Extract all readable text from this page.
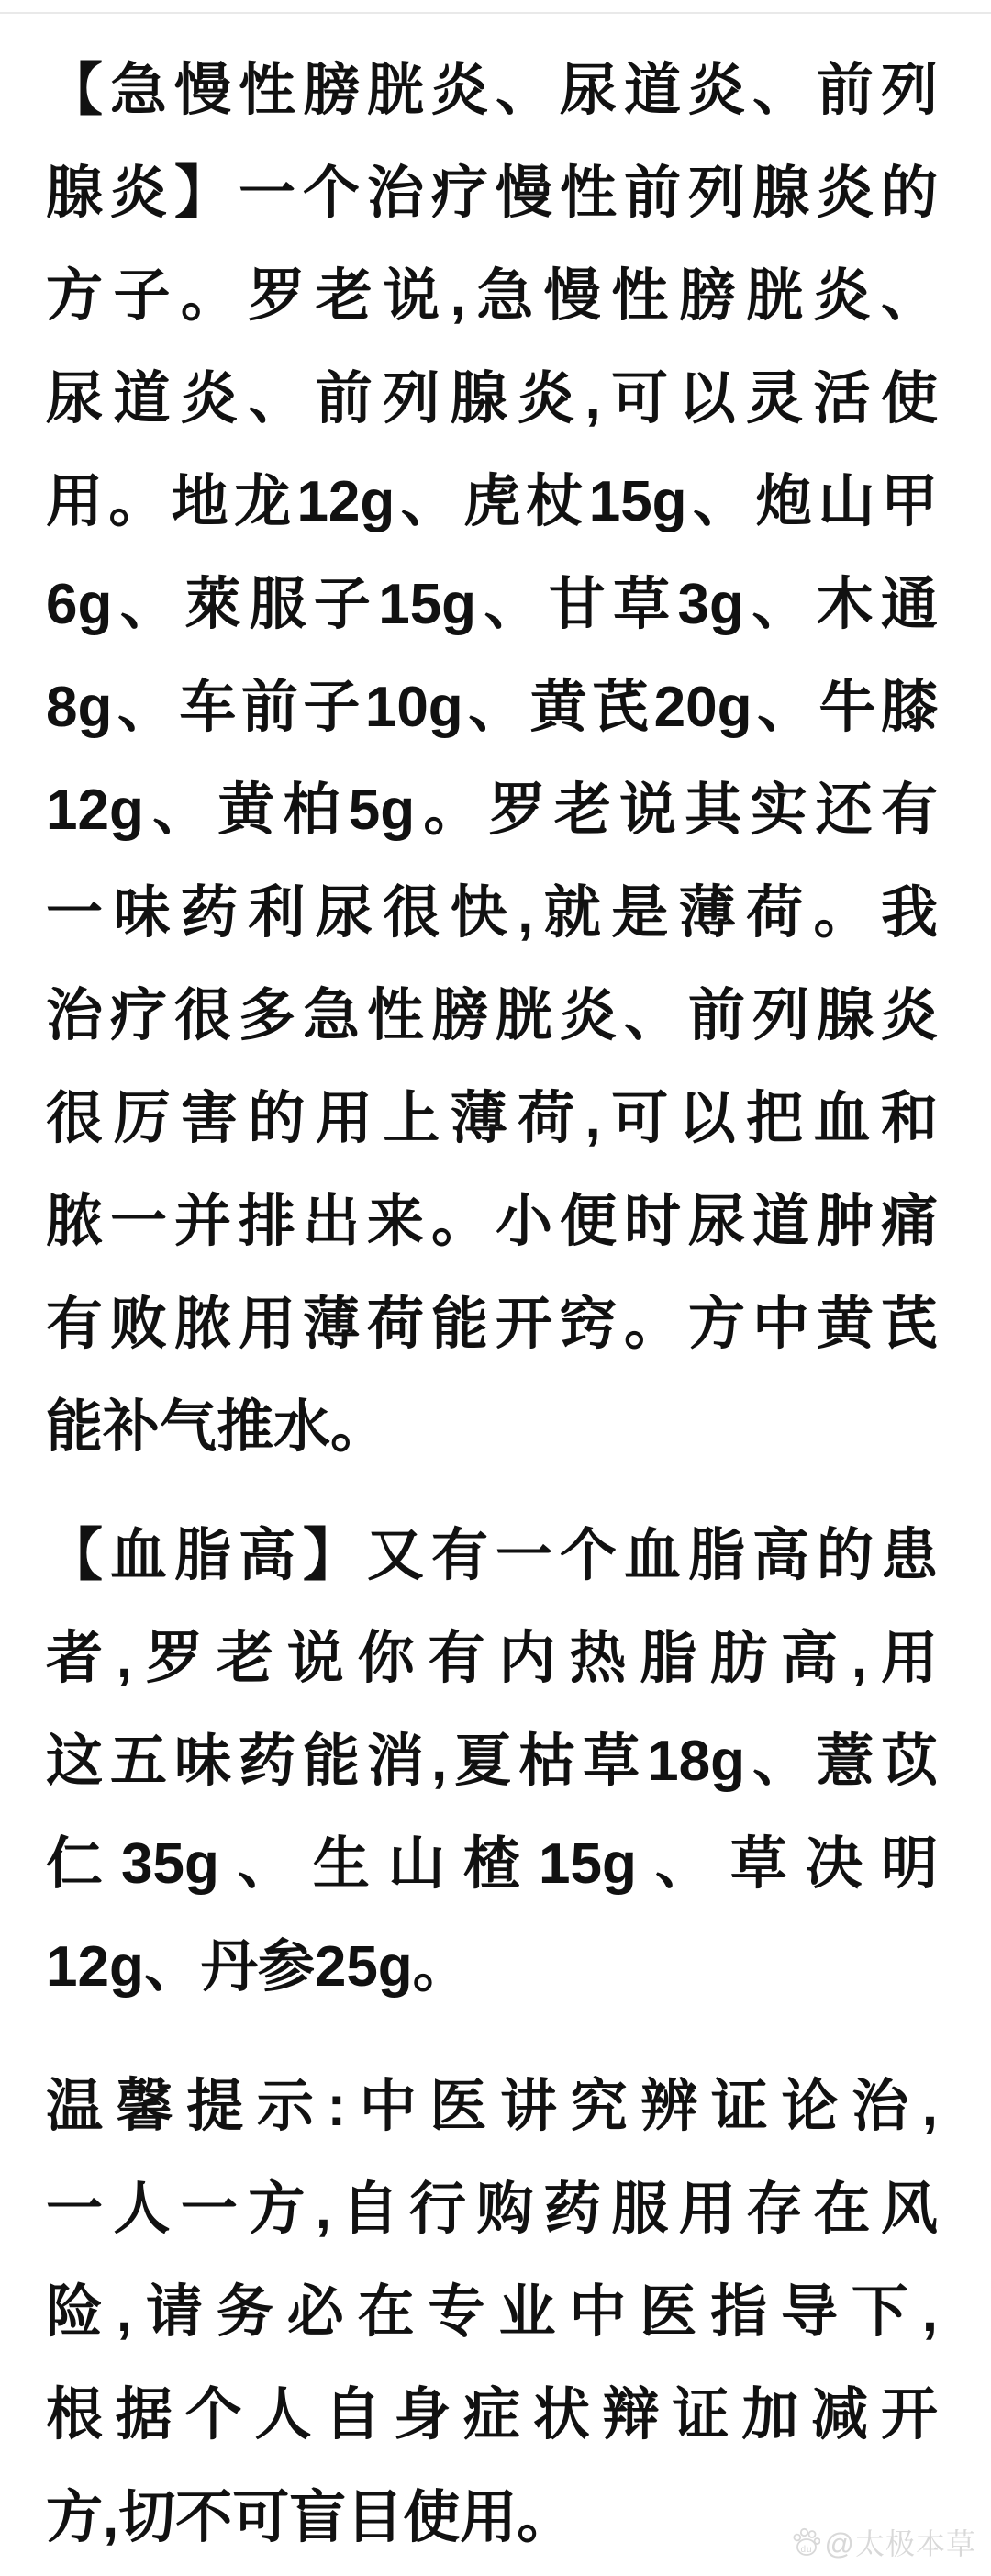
【急慢性膀胱炎、尿道炎、前列
腺炎】一个治疗慢性前列腺炎的
方子。罗老说,急慢性膀胱炎、
尿道炎、前列腺炎,可以灵活使
用。地龙12g、虎杖15g、炮山甲
6g、萊服子15g、甘草3g、木通
8g、车前子10g、黄芪20g、牛膝
12g、黄柏5g。罗老说其实还有
一味药利尿很快,就是薄荷。我
治疗很多急性膀胱炎、前列腺炎
很厉害的用上薄荷,可以把血和
脓一并排出来。小便时尿道肿痛
有败脓用薄荷能开窍。方中黄芪
能补气推水。
【血脂高】又有一个血脂高的患
者,罗老说你有内热脂肪高,用
这五味药能消,夏枯草18g、薏苡
仁35g、生山楂15g、草决明
12g、丹参25g。
温馨提示:中医讲究辨证论治,
一人一方,自行购药服用存在风
险,请务必在专业中医指导下,
根据个人自身症状辩证加减开
方,切不可盲目使用。
du @太极本草
